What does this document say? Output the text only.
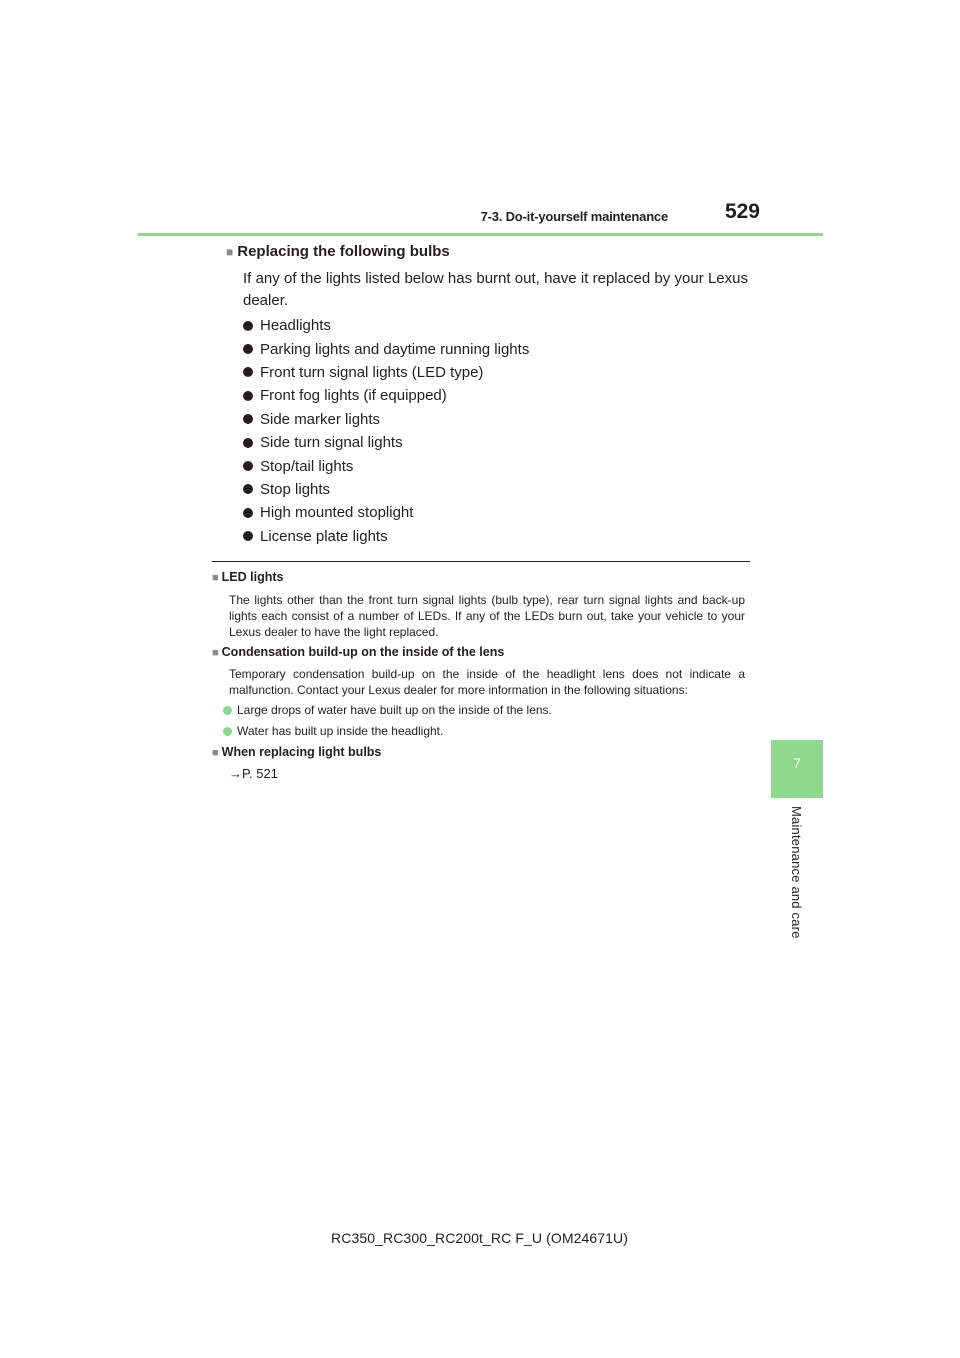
7-3. Do-it-yourself maintenance	529
7
Maintenance and care
■ Replacing the following bulbs
If any of the lights listed below has burnt out, have it replaced by your Lexus dealer.
Headlights
Parking lights and daytime running lights
Front turn signal lights (LED type)
Front fog lights (if equipped)
Side marker lights
Side turn signal lights
Stop/tail lights
Stop lights
High mounted stoplight
License plate lights
■ LED lights
The lights other than the front turn signal lights (bulb type), rear turn signal lights and back-up lights each consist of a number of LEDs. If any of the LEDs burn out, take your vehicle to your Lexus dealer to have the light replaced.
■ Condensation build-up on the inside of the lens
Temporary condensation build-up on the inside of the headlight lens does not indicate a malfunction. Contact your Lexus dealer for more information in the following situations:
Large drops of water have built up on the inside of the lens.
Water has built up inside the headlight.
■ When replacing light bulbs
→P. 521
RC350_RC300_RC200t_RC F_U (OM24671U)
